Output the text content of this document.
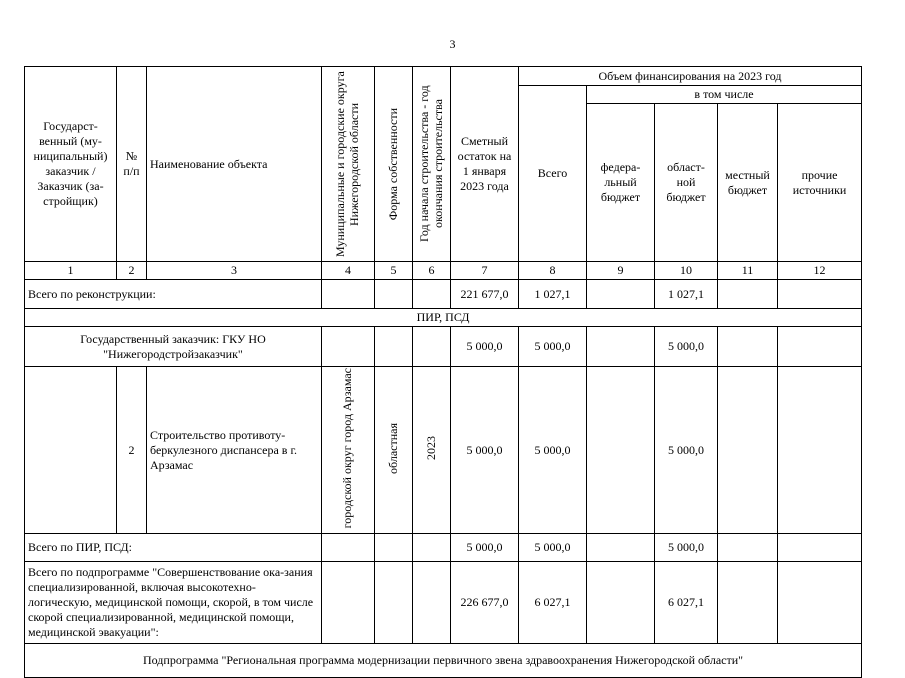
3
Государст-венный (му-ниципальный) заказчик / Заказчик (за-стройщик)	№ п/п	Наименование объекта	Муниципальные и городские округа Нижегородской области	Форма собственности	Год начала строительства - год окончания строительства	Сметный остаток на 1 января 2023 года	Объем финансирования на 2023 год				
							Всего	в том числе			
								федера-льный бюджет	област-ной бюджет	местный бюджет	прочие источники
1	2	3	4	5	6	7	8	9	10	11	12
Всего по реконструкции:						221 677,0	1 027,1		1 027,1		
ПИР, ПСД											
Государственный заказчик: ГКУ НО "Нижегородстройзаказчик"						5 000,0	5 000,0		5 000,0		
	2	Строительство противоту-беркулезного диспансера в г. Арзамас	городской округ город Арзамас	областная	2023	5 000,0	5 000,0		5 000,0		
Всего по ПИР, ПСД:						5 000,0	5 000,0		5 000,0		
Всего по подпрограмме "Совершенствование ока-зания специализированной, включая высокотехно-логическую, медицинской помощи, скорой, в том числе скорой специализированной, медицинской помощи, медицинской эвакуации":						226 677,0	6 027,1		6 027,1		
Подпрограмма "Региональная программа модернизации первичного звена здравоохранения Нижегородской области"											
